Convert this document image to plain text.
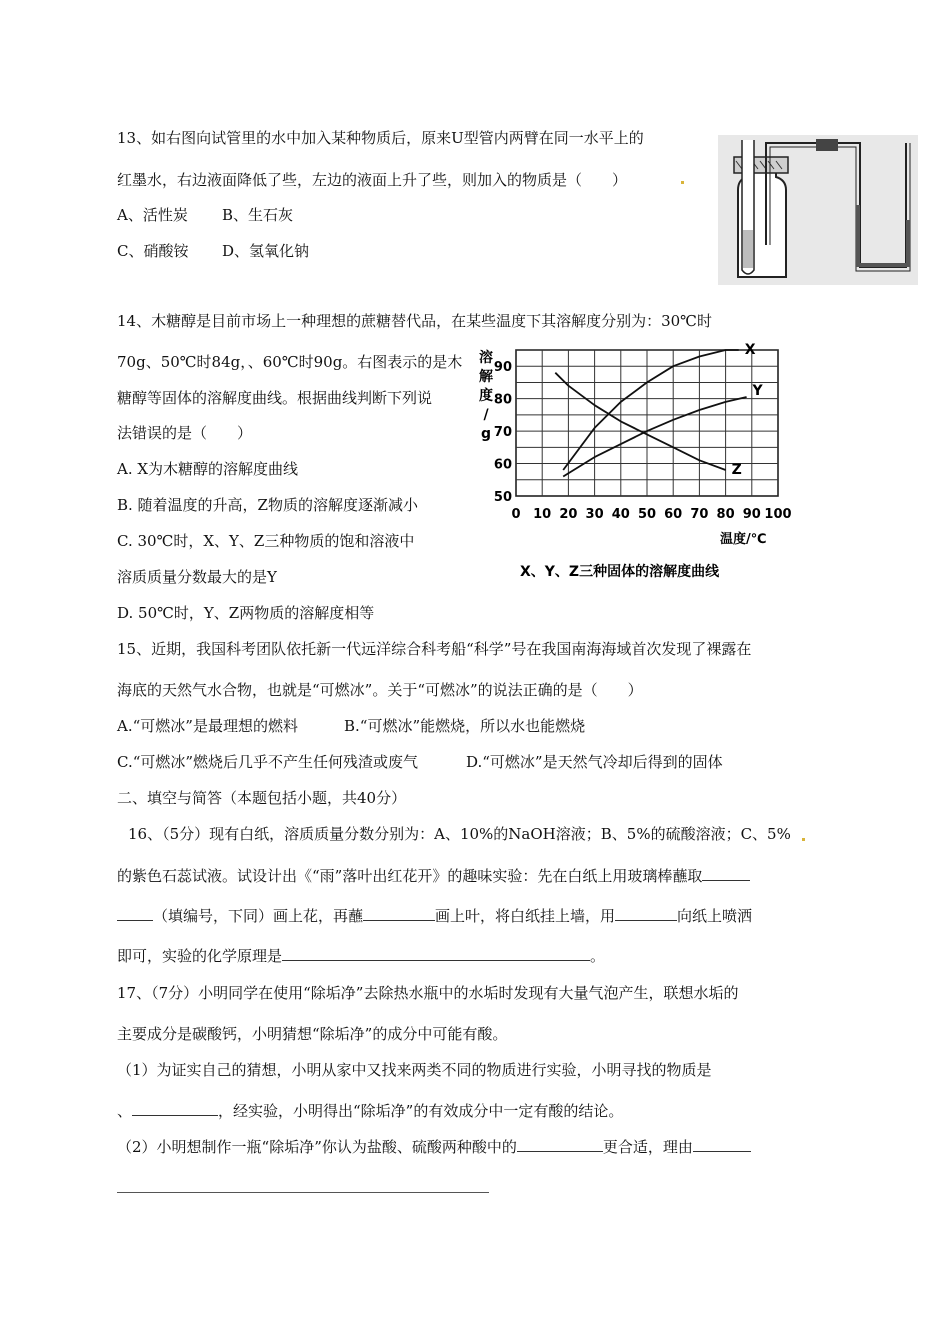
13、如右图向试管里的水中加入某种物质后，原来U型管内两臂在同一水平上的
红墨水，右边液面降低了些，左边的液面上升了些，则加入的物质是（　　）
A、活性炭 B、生石灰
C、硝酸铵 D、氢氧化钠
14、木糖醇是目前市场上一种理想的蔗糖替代品，在某些温度下其溶解度分别为：30℃时
70g、50℃时84g，、60℃时90g。右图表示的是木
糖醇等固体的溶解度曲线。根据曲线判断下列说
法错误的是（　　）
A. X为木糖醇的溶解度曲线
B. 随着温度的升高，Z物质的溶解度逐渐减小
C. 30℃时，X、Y、Z三种物质的饱和溶液中
溶质质量分数最大的是Y
D. 50℃时，Y、Z两物质的溶解度相等
X
Y
Z
0 10 20 30 40 50 60 70 80 90 100
50
60
70
80
90
溶
解
度
/
g
温度/℃
X、Y、Z三种固体的溶解度曲线
15、近期，我国科考团队依托新一代远洋综合科考船“科学”号在我国南海海域首次发现了裸露在
海底的天然气水合物，也就是“可燃冰”。关于“可燃冰”的说法正确的是（　　）
A.“可燃冰”是最理想的燃料	B.“可燃冰”能燃烧，所以水也能燃烧
C.“可燃冰”燃烧后几乎不产生任何残渣或废气	D.“可燃冰”是天然气冷却后得到的固体
二、填空与简答（本题包括小题，共40分）
16、（5分）现有白纸，溶质质量分数分别为：A、10%的NaOH溶液；B、5%的硫酸溶液；C、5%
的紫色石蕊试液。试设计出《“雨”落叶出红花开》的趣味实验：先在白纸上用玻璃棒蘸取
（填编号，下同）画上花，再蘸	画上叶，将白纸挂上墙，用	向纸上喷洒
即可，实验的化学原理是	。
17、（7分）小明同学在使用“除垢净”去除热水瓶中的水垢时发现有大量气泡产生，联想水垢的
主要成分是碳酸钙，小明猜想“除垢净”的成分中可能有酸。
（1）为证实自己的猜想，小明从家中又找来两类不同的物质进行实验，小明寻找的物质是
、	，经实验，小明得出“除垢净”的有效成分中一定有酸的结论。
（2）小明想制作一瓶“除垢净”你认为盐酸、硫酸两种酸中的	更合适，理由
